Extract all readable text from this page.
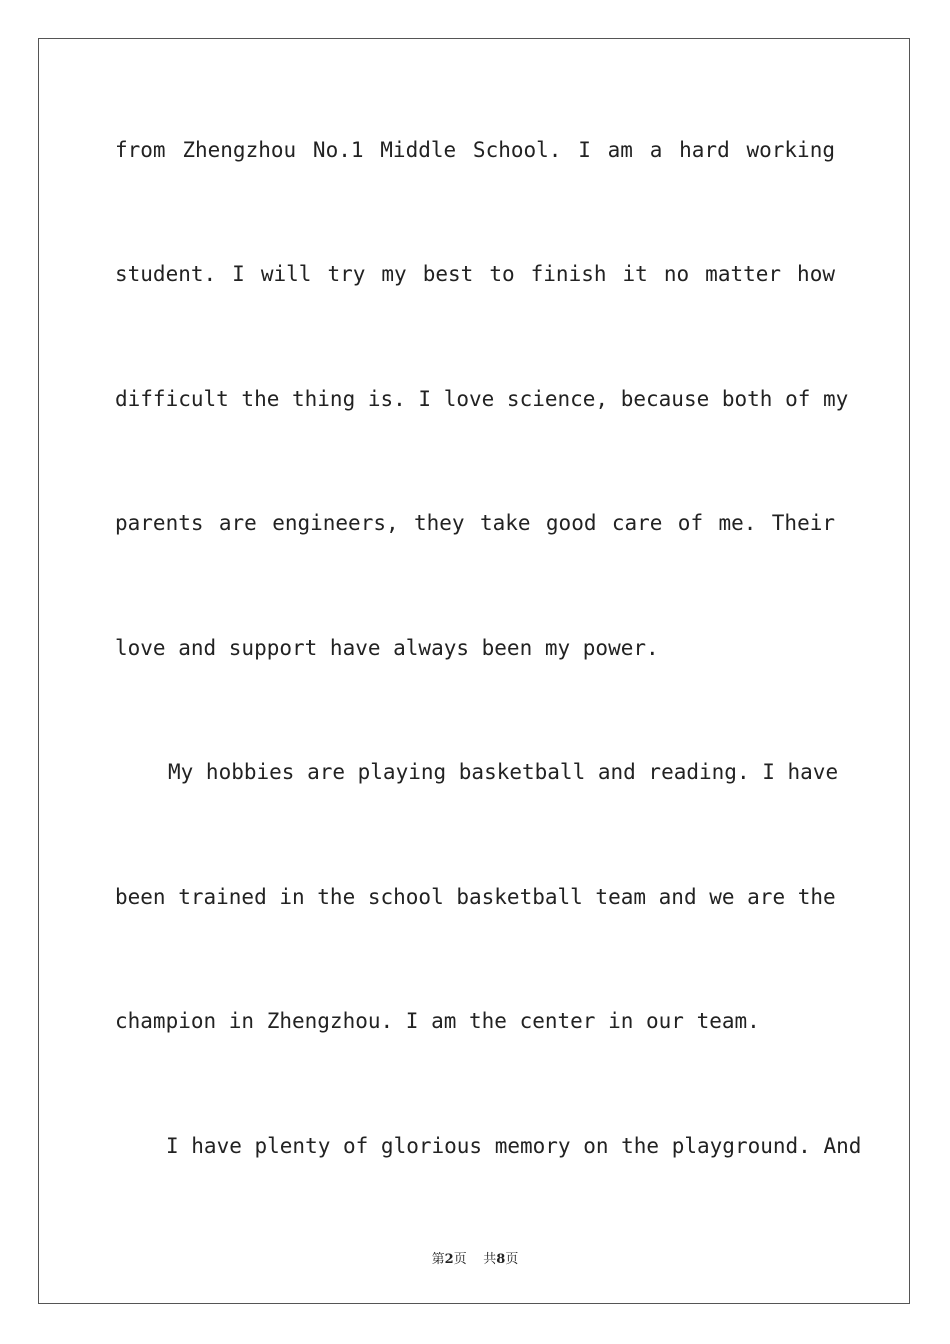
from Zhengzhou No.1 Middle School. I am a hard working
student. I will try my best to finish it no matter how
difficult the thing is. I love science, because both of my
parents are engineers, they take good care of me. Their
love and support have always been my power.
My hobbies are playing basketball and reading. I have
been trained in the school basketball team and we are the
champion in Zhengzhou. I am the center in our team.
I have plenty of glorious memory on the playground. And
第2页 共8页
